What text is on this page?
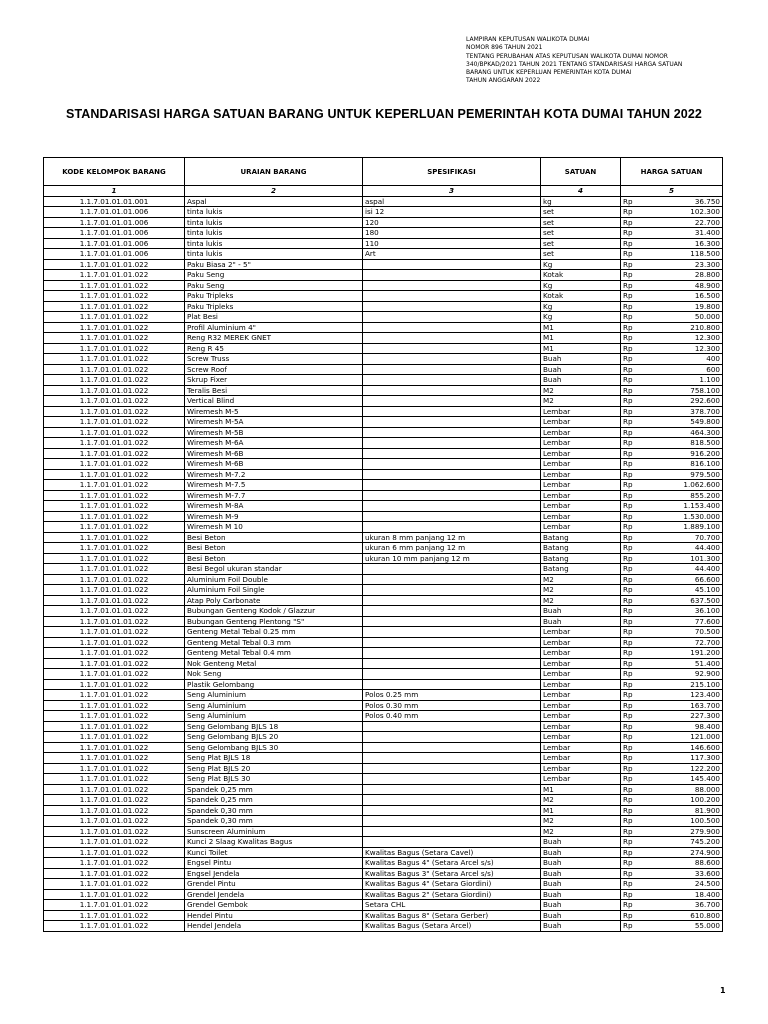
LAMPIRAN KEPUTUSAN WALIKOTA DUMAI
NOMOR 896 TAHUN 2021
TENTANG PERUBAHAN ATAS KEPUTUSAN WALIKOTA DUMAI NOMOR
340/BPKAD/2021 TAHUN 2021 TENTANG STANDARISASI HARGA SATUAN
BARANG UNTUK KEPERLUAN PEMERINTAH KOTA DUMAI
TAHUN ANGGARAN 2022
STANDARISASI HARGA SATUAN BARANG UNTUK KEPERLUAN PEMERINTAH KOTA DUMAI TAHUN 2022
KODE KELOMPOK BARANG	URAIAN BARANG	SPESIFIKASI	SATUAN	HARGA SATUAN
1	2	3	4	5
1.1.7.01.01.01.001	Aspal	aspal	kg	Rp 36.750

1.1.7.01.01.01.006	tinta lukis	isi 12	set	Rp 102.300

1.1.7.01.01.01.006	tinta lukis	120	set	Rp 22.700

1.1.7.01.01.01.006	tinta lukis	180	set	Rp 31.400

1.1.7.01.01.01.006	tinta lukis	110	set	Rp 16.300

1.1.7.01.01.01.006	tinta lukis	Art	set	Rp 118.500

1.1.7.01.01.01.022	Paku Biasa 2" - 5"		Kg	Rp 23.300

1.1.7.01.01.01.022	Paku Seng		Kotak	Rp 28.800

1.1.7.01.01.01.022	Paku Seng		Kg	Rp 48.900

1.1.7.01.01.01.022	Paku Tripleks		Kotak	Rp 16.500

1.1.7.01.01.01.022	Paku Tripleks		Kg	Rp 19.800

1.1.7.01.01.01.022	Plat Besi		Kg	Rp 50.000

1.1.7.01.01.01.022	Profil Aluminium 4"		M1	Rp 210.800

1.1.7.01.01.01.022	Reng R32 MEREK GNET		M1	Rp 12.300

1.1.7.01.01.01.022	Reng R 45		M1	Rp 12.300

1.1.7.01.01.01.022	Screw Truss		Buah	Rp 400

1.1.7.01.01.01.022	Screw Roof		Buah	Rp 600

1.1.7.01.01.01.022	Skrup Fixer		Buah	Rp 1.100

1.1.7.01.01.01.022	Teralis Besi		M2	Rp 758.100

1.1.7.01.01.01.022	Vertical Blind		M2	Rp 292.600

1.1.7.01.01.01.022	Wiremesh M-5		Lembar	Rp 378.700

1.1.7.01.01.01.022	Wiremesh M-5A		Lembar	Rp 549.800

1.1.7.01.01.01.022	Wiremesh M-5B		Lembar	Rp 464.300

1.1.7.01.01.01.022	Wiremesh M-6A		Lembar	Rp 818.500

1.1.7.01.01.01.022	Wiremesh M-6B		Lembar	Rp 916.200

1.1.7.01.01.01.022	Wiremesh M-6B		Lembar	Rp 816.100

1.1.7.01.01.01.022	Wiremesh M-7.2		Lembar	Rp 979.500

1.1.7.01.01.01.022	Wiremesh M-7.5		Lembar	Rp 1.062.600

1.1.7.01.01.01.022	Wiremesh M-7.7		Lembar	Rp 855.200

1.1.7.01.01.01.022	Wiremesh M-8A		Lembar	Rp 1.153.400

1.1.7.01.01.01.022	Wiremesh M-9		Lembar	Rp 1.530.000

1.1.7.01.01.01.022	Wiremesh M 10		Lembar	Rp 1.889.100

1.1.7.01.01.01.022	Besi Beton	ukuran 8 mm panjang 12 m	Batang	Rp 70.700

1.1.7.01.01.01.022	Besi Beton	ukuran 6 mm panjang 12 m	Batang	Rp 44.400

1.1.7.01.01.01.022	Besi Beton	ukuran 10 mm panjang 12 m	Batang	Rp 101.300

1.1.7.01.01.01.022	Besi Begol ukuran standar		Batang	Rp 44.400

1.1.7.01.01.01.022	Aluminium Foil Double		M2	Rp 66.600

1.1.7.01.01.01.022	Aluminium Foil Single		M2	Rp 45.100

1.1.7.01.01.01.022	Atap Poly Carbonate		M2	Rp 637.500

1.1.7.01.01.01.022	Bubungan Genteng Kodok / Glazzur		Buah	Rp 36.100

1.1.7.01.01.01.022	Bubungan Genteng Plentong "S"		Buah	Rp 77.600

1.1.7.01.01.01.022	Genteng Metal Tebal 0.25 mm		Lembar	Rp 70.500

1.1.7.01.01.01.022	Genteng Metal Tebal 0.3 mm		Lembar	Rp 72.700

1.1.7.01.01.01.022	Genteng Metal Tebal 0.4 mm		Lembar	Rp 191.200

1.1.7.01.01.01.022	Nok Genteng Metal		Lembar	Rp 51.400

1.1.7.01.01.01.022	Nok Seng		Lembar	Rp 92.900

1.1.7.01.01.01.022	Plastik Gelombang		Lembar	Rp 215.100

1.1.7.01.01.01.022	Seng Aluminium	Polos 0.25 mm	Lembar	Rp 123.400

1.1.7.01.01.01.022	Seng Aluminium	Polos 0.30 mm	Lembar	Rp 163.700

1.1.7.01.01.01.022	Seng Aluminium	Polos 0.40 mm	Lembar	Rp 227.300

1.1.7.01.01.01.022	Seng Gelombang BJLS 18		Lembar	Rp 98.400

1.1.7.01.01.01.022	Seng Gelombang BJLS 20		Lembar	Rp 121.000

1.1.7.01.01.01.022	Seng Gelombang BJLS 30		Lembar	Rp 146.600

1.1.7.01.01.01.022	Seng Plat BJLS 18		Lembar	Rp 117.300

1.1.7.01.01.01.022	Seng Plat BJLS 20		Lembar	Rp 122.200

1.1.7.01.01.01.022	Seng Plat BJLS 30		Lembar	Rp 145.400

1.1.7.01.01.01.022	Spandek 0,25 mm		M1	Rp 88.000

1.1.7.01.01.01.022	Spandek 0,25 mm		M2	Rp 100.200

1.1.7.01.01.01.022	Spandek 0,30 mm		M1	Rp 81.900

1.1.7.01.01.01.022	Spandek 0,30 mm		M2	Rp 100.500

1.1.7.01.01.01.022	Sunscreen Aluminium		M2	Rp 279.900

1.1.7.01.01.01.022	Kunci 2 Slaag Kwalitas Bagus		Buah	Rp 745.200

1.1.7.01.01.01.022	Kunci Toilet	Kwalitas Bagus (Setara Cavel)	Buah	Rp 274.900

1.1.7.01.01.01.022	Engsel Pintu	Kwalitas Bagus 4" (Setara Arcel s/s)	Buah	Rp 88.600

1.1.7.01.01.01.022	Engsel Jendela	Kwalitas Bagus 3" (Setara Arcel s/s)	Buah	Rp 33.600

1.1.7.01.01.01.022	Grendel Pintu	Kwalitas Bagus 4" (Setara Giordini)	Buah	Rp 24.500

1.1.7.01.01.01.022	Grendel Jendela	Kwalitas Bagus 2" (Setara Giordini)	Buah	Rp 18.400

1.1.7.01.01.01.022	Grendel Gembok	Setara CHL	Buah	Rp 36.700

1.1.7.01.01.01.022	Hendel Pintu	Kwalitas Bagus 8" (Setara Gerber)	Buah	Rp 610.800

1.1.7.01.01.01.022	Hendel Jendela	Kwalitas Bagus (Setara Arcel)	Buah	Rp 55.000
1
